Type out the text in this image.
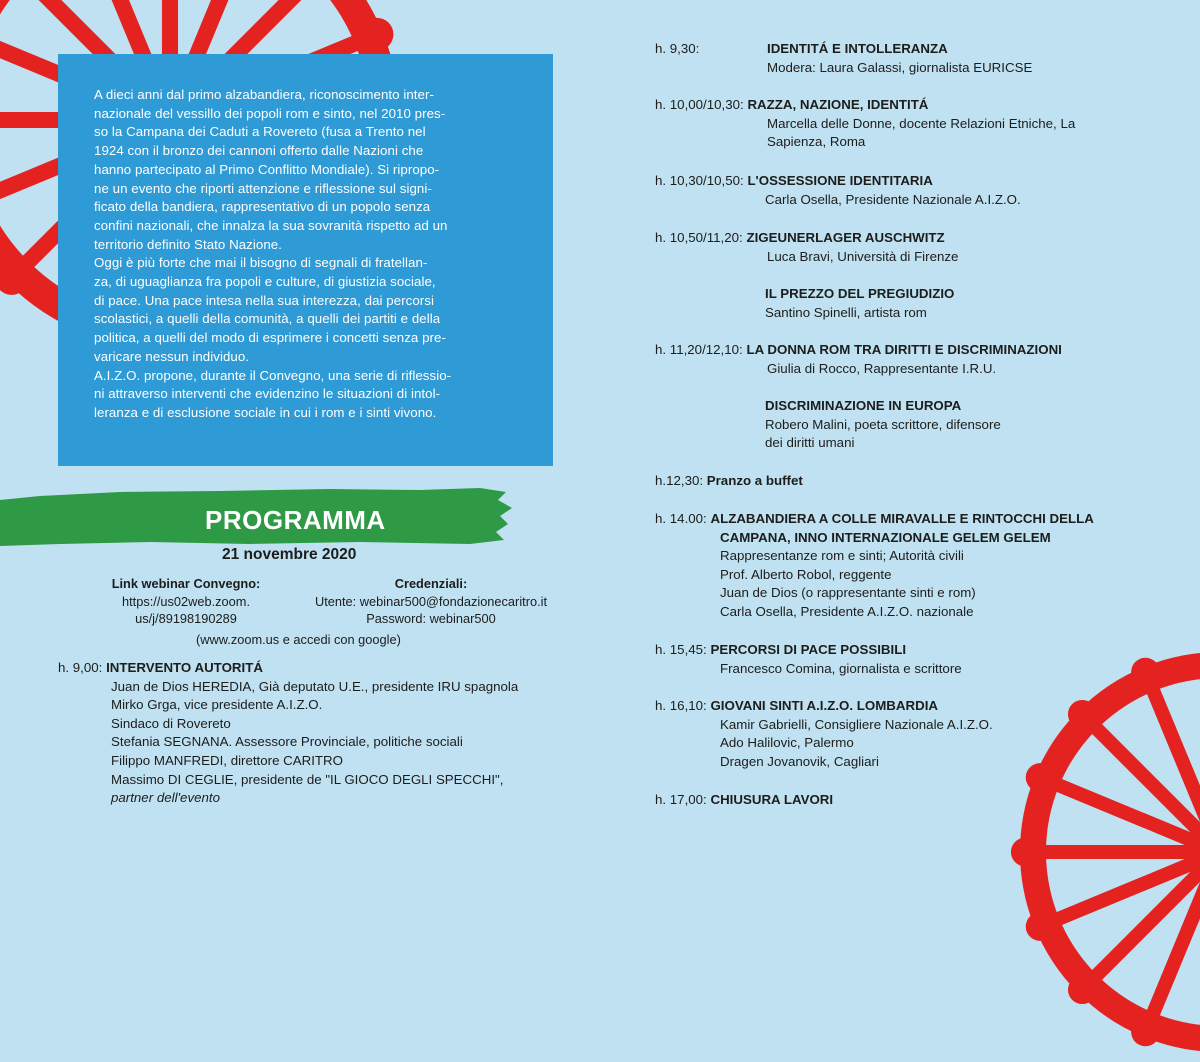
A dieci anni dal primo alzabandiera, riconoscimento inter-
nazionale del vessillo dei popoli rom e sinto, nel 2010 pres-
so la Campana dei Caduti a Rovereto (fusa a Trento nel
1924 con il bronzo dei cannoni offerto dalle Nazioni che
hanno partecipato al Primo Conflitto Mondiale). Si ripropo-
ne un evento che riporti attenzione e riflessione sul signi-
ficato della bandiera, rappresentativo di un popolo senza
confini nazionali, che innalza la sua sovranità rispetto ad un
territorio definito Stato Nazione.
Oggi è più forte che mai il bisogno di segnali di fratellan-
za, di uguaglianza fra popoli e culture, di giustizia sociale,
di pace. Una pace intesa nella sua interezza, dai percorsi
scolastici, a quelli della comunità, a quelli dei partiti e della
politica, a quelli del modo di esprimere i concetti senza pre-
varicare nessun individuo.
A.I.Z.O. propone, durante il Convegno, una serie di riflessio-
ni attraverso interventi che evidenzino le situazioni di intol-
leranza e di esclusione sociale in cui i rom e i sinti vivono.

PROGRAMMA
21 novembre 2020
Link webinar Convegno:
https://us02web.zoom.
us/j/89198190289
Credenziali:
Utente: webinar500@fondazionecaritro.it
Password: webinar500
(www.zoom.us e accedi con google)
h. 9,00: INTERVENTO AUTORITÁ
Juan de Dios HEREDIA, Già deputato U.E., presidente IRU spagnola
Mirko Grga, vice presidente A.I.Z.O.
Sindaco di Rovereto
Stefania SEGNANA. Assessore Provinciale, politiche sociali
Filippo MANFREDI, direttore CARITRO
Massimo DI CEGLIE, presidente de "IL GIOCO DEGLI SPECCHI",
partner dell'evento
h. 9,30:	IDENTITÁ E INTOLLERANZA
Modera: Laura Galassi, giornalista EURICSE
h. 10,00/10,30: RAZZA, NAZIONE, IDENTITÁ
Marcella delle Donne, docente Relazioni Etniche, La
Sapienza, Roma
h. 10,30/10,50: L'OSSESSIONE IDENTITARIA
Carla Osella, Presidente Nazionale A.I.Z.O.
h. 10,50/11,20: ZIGEUNERLAGER AUSCHWITZ
Luca Bravi, Università di Firenze
IL PREZZO DEL PREGIUDIZIO
Santino Spinelli, artista rom
h. 11,20/12,10: LA DONNA ROM TRA DIRITTI E DISCRIMINAZIONI
Giulia di Rocco, Rappresentante I.R.U.
DISCRIMINAZIONE IN EUROPA
Robero Malini, poeta scrittore, difensore
dei diritti umani
h.12,30: Pranzo a buffet
h. 14.00: ALZABANDIERA A COLLE MIRAVALLE E RINTOCCHI DELLA
CAMPANA, INNO INTERNAZIONALE GELEM GELEM
Rappresentanze rom e sinti; Autorità civili
Prof. Alberto Robol, reggente
Juan de Dios (o rappresentante sinti e rom)
Carla Osella, Presidente A.I.Z.O. nazionale
h. 15,45: PERCORSI DI PACE POSSIBILI
Francesco Comina, giornalista e scrittore
h. 16,10: GIOVANI SINTI A.I.Z.O. LOMBARDIA
Kamir Gabrielli, Consigliere Nazionale A.I.Z.O.
Ado Halilovic, Palermo
Dragen Jovanovik, Cagliari
h. 17,00: CHIUSURA LAVORI
